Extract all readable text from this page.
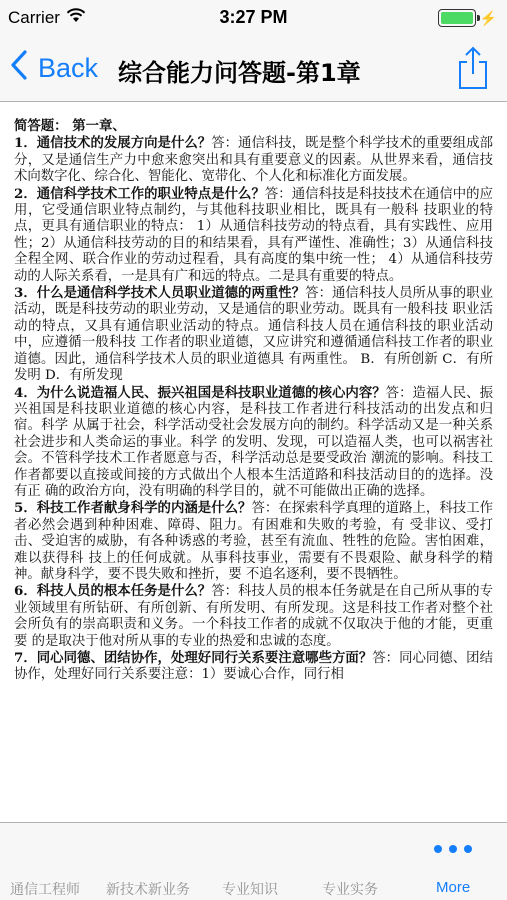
Carrier	3:27 PM	⚡
Back 综合能力问答题-第1章

简答题： 第一章、

1．通信技术的发展方向是什么？答：通信科技，既是整个科学技术的重要组成部分，又是通信生产力中愈来愈突出和具有重要意义的因素。从世界来看，通信技术向数字化、综合化、智能化、宽带化、个人化和标准化方面发展。

2．通信科学技术工作的职业特点是什么？答：通信科技是科技技术在通信中的应用，它受通信职业特点制约，与其他科技职业相比，既具有一般科 技职业的特点，更具有通信职业的特点： 1）从通信科技劳动的特点看，具有实践性、应用性；2）从通信科技劳动的目的和结果看，具有严谨性、准确性；3）从通信科技全程全网、联合作业的劳动过程看，具有高度的集中统一性； 4）从通信科技劳动的人际关系看，一是具有广和远的特点。二是具有重要的特点。

3．什么是通信科学技术人员职业道德的两重性？答：通信科技人员所从事的职业活动，既是科技劳动的职业劳动，又是通信的职业劳动。既具有一般科技 职业活动的特点，又具有通信职业活动的特点。通信科技人员在通信科技的职业活动中，应遵循一般科技 工作者的职业道德，又应讲究和遵循通信科技工作者的职业道德。因此，通信科学技术人员的职业道德具 有两重性。 B．有所创新 C．有所发明 D．有所发现

4．为什么说造福人民、振兴祖国是科技职业道德的核心内容？答：造福人民、振兴祖国是科技职业道德的核心内容，是科技工作者进行科技活动的出发点和归宿。科学 从属于社会，科学活动受社会发展方向的制约。科学活动又是一种关系社会进步和人类命运的事业。科学 的发明、发现，可以造福人类，也可以祸害社会。不管科学技术工作者愿意与否，科学活动总是要受政治 潮流的影响。科技工作者都要以直接或间接的方式做出个人根本生活道路和科技活动目的的选择。没有正 确的政治方向，没有明确的科学目的，就不可能做出正确的选择。

5．科技工作者献身科学的内涵是什么？答：在探索科学真理的道路上，科技工作者必然会遇到种种困难、障碍、阻力。有困难和失败的考验，有 受非议、受打击、受迫害的威胁，有各种诱惑的考验，甚至有流血、牲牲的危险。害怕困难，难以获得科 技上的任何成就。从事科技事业，需要有不畏艰险、献身科学的精神。献身科学，要不畏失败和挫折，要 不追名逐利，要不畏牺牲。

6．科技人员的根本任务是什么？答：科技人员的根本任务就是在自己所从事的专业领域里有所钻研、有所创新、有所发明、有所发现。这是科技工作者对整个社会所负有的崇高职责和义务。一个科技工作者的成就不仅取决于他的才能，更重要 的是取决于他对所从事的专业的热爱和忠诚的态度。

7．同心同德、团结协作，处理好同行关系要注意哪些方面？答：同心同德、团结协作，处理好同行关系要注意：1）要诚心合作，同行相

通信工程师 新技术新业务 专业知识	专业实务	More
